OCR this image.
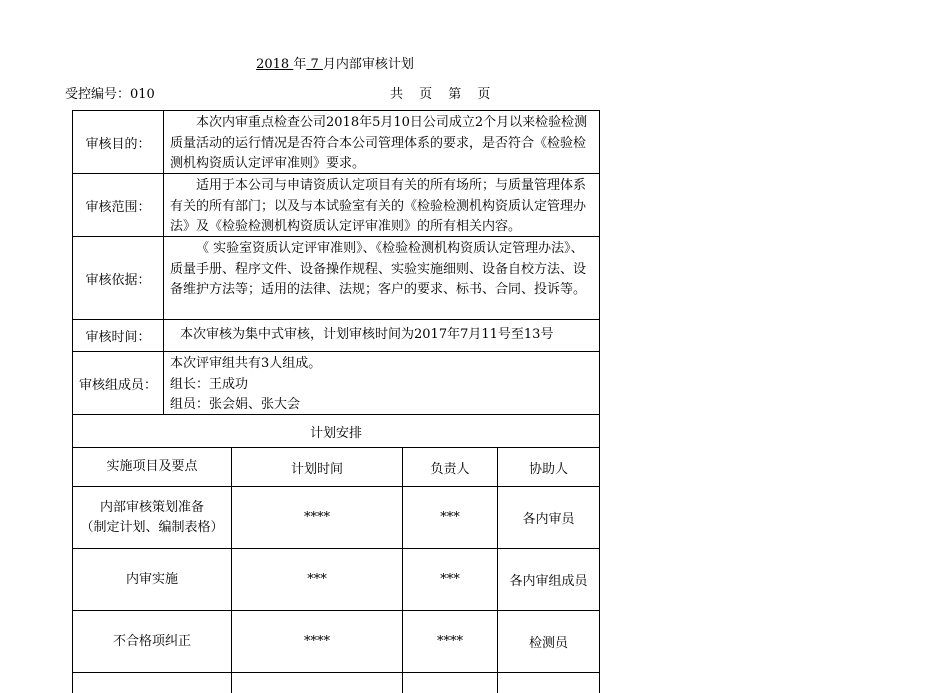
2018 年 7 月内部审核计划
受控编号：010	共 页 第 页
审核目的：
本次内审重点检查公司2018年5月10日公司成立2个月以来检验检测质量活动的运行情况是否符合本公司管理体系的要求，是否符合《检验检测机构资质认定评审准则》要求。
审核范围：
适用于本公司与申请资质认定项目有关的所有场所；与质量管理体系有关的所有部门；以及与本试验室有关的《检验检测机构资质认定管理办法》及《检验检测机构资质认定评审准则》的所有相关内容。
审核依据：
《 实验室资质认定评审准则》、《检验检测机构资质认定管理办法》、质量手册、程序文件、设备操作规程、实验实施细则、设备自校方法、设备维护方法等；适用的法律、法规；客户的要求、标书、合同、投诉等。
审核时间：	本次审核为集中式审核，计划审核时间为2017年7月11号至13号
审核组成员：
本次评审组共有3人组成。
组长：王成功
组员：张会娟、张大会
计划安排
实施项目及要点	计划时间	负责人	协助人
内部审核策划准备
（制定计划、编制表格）
****	***	各内审员
内审实施	***	***	各内审组成员
不合格项纠正	****	****	检测员
